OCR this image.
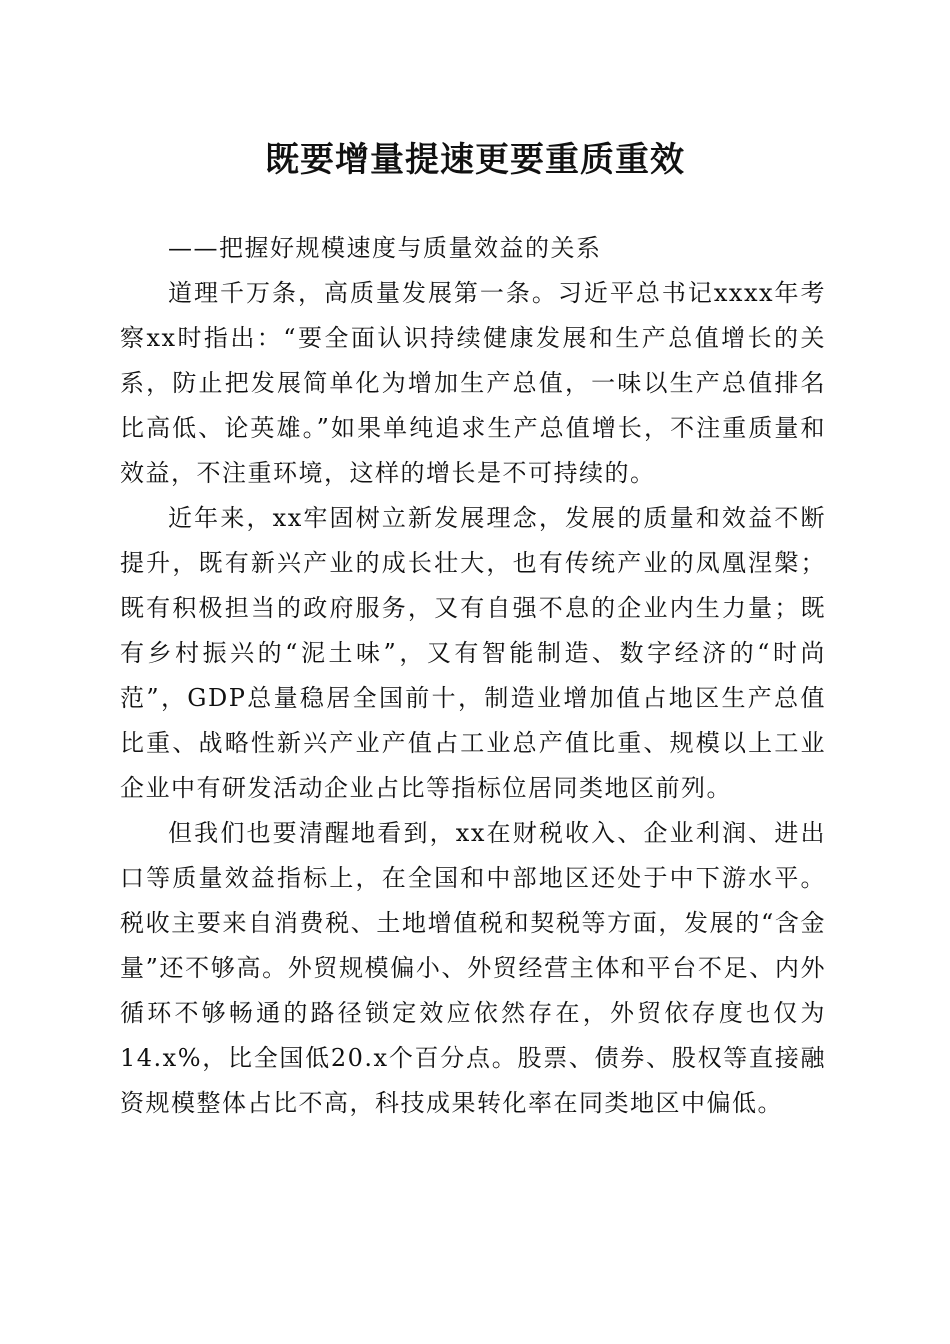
既要增量提速更要重质重效

——把握好规模速度与质量效益的关系

道理千万条，高质量发展第一条。习近平总书记xxxx年考察xx时指出：“要全面认识持续健康发展和生产总值增长的关系，防止把发展简单化为增加生产总值，一味以生产总值排名比高低、论英雄。”如果单纯追求生产总值增长，不注重质量和效益，不注重环境，这样的增长是不可持续的。

近年来，xx牢固树立新发展理念，发展的质量和效益不断提升，既有新兴产业的成长壮大，也有传统产业的凤凰涅槃；既有积极担当的政府服务，又有自强不息的企业内生力量；既有乡村振兴的“泥土味”，又有智能制造、数字经济的“时尚范”，GDP总量稳居全国前十，制造业增加值占地区生产总值比重、战略性新兴产业产值占工业总产值比重、规模以上工业企业中有研发活动企业占比等指标位居同类地区前列。

但我们也要清醒地看到，xx在财税收入、企业利润、进出口等质量效益指标上，在全国和中部地区还处于中下游水平。税收主要来自消费税、土地增值税和契税等方面，发展的“含金量”还不够高。外贸规模偏小、外贸经营主体和平台不足、内外循环不够畅通的路径锁定效应依然存在，外贸依存度也仅为14.x%，比全国低20.x个百分点。股票、债券、股权等直接融资规模整体占比不高，科技成果转化率在同类地区中偏低。
